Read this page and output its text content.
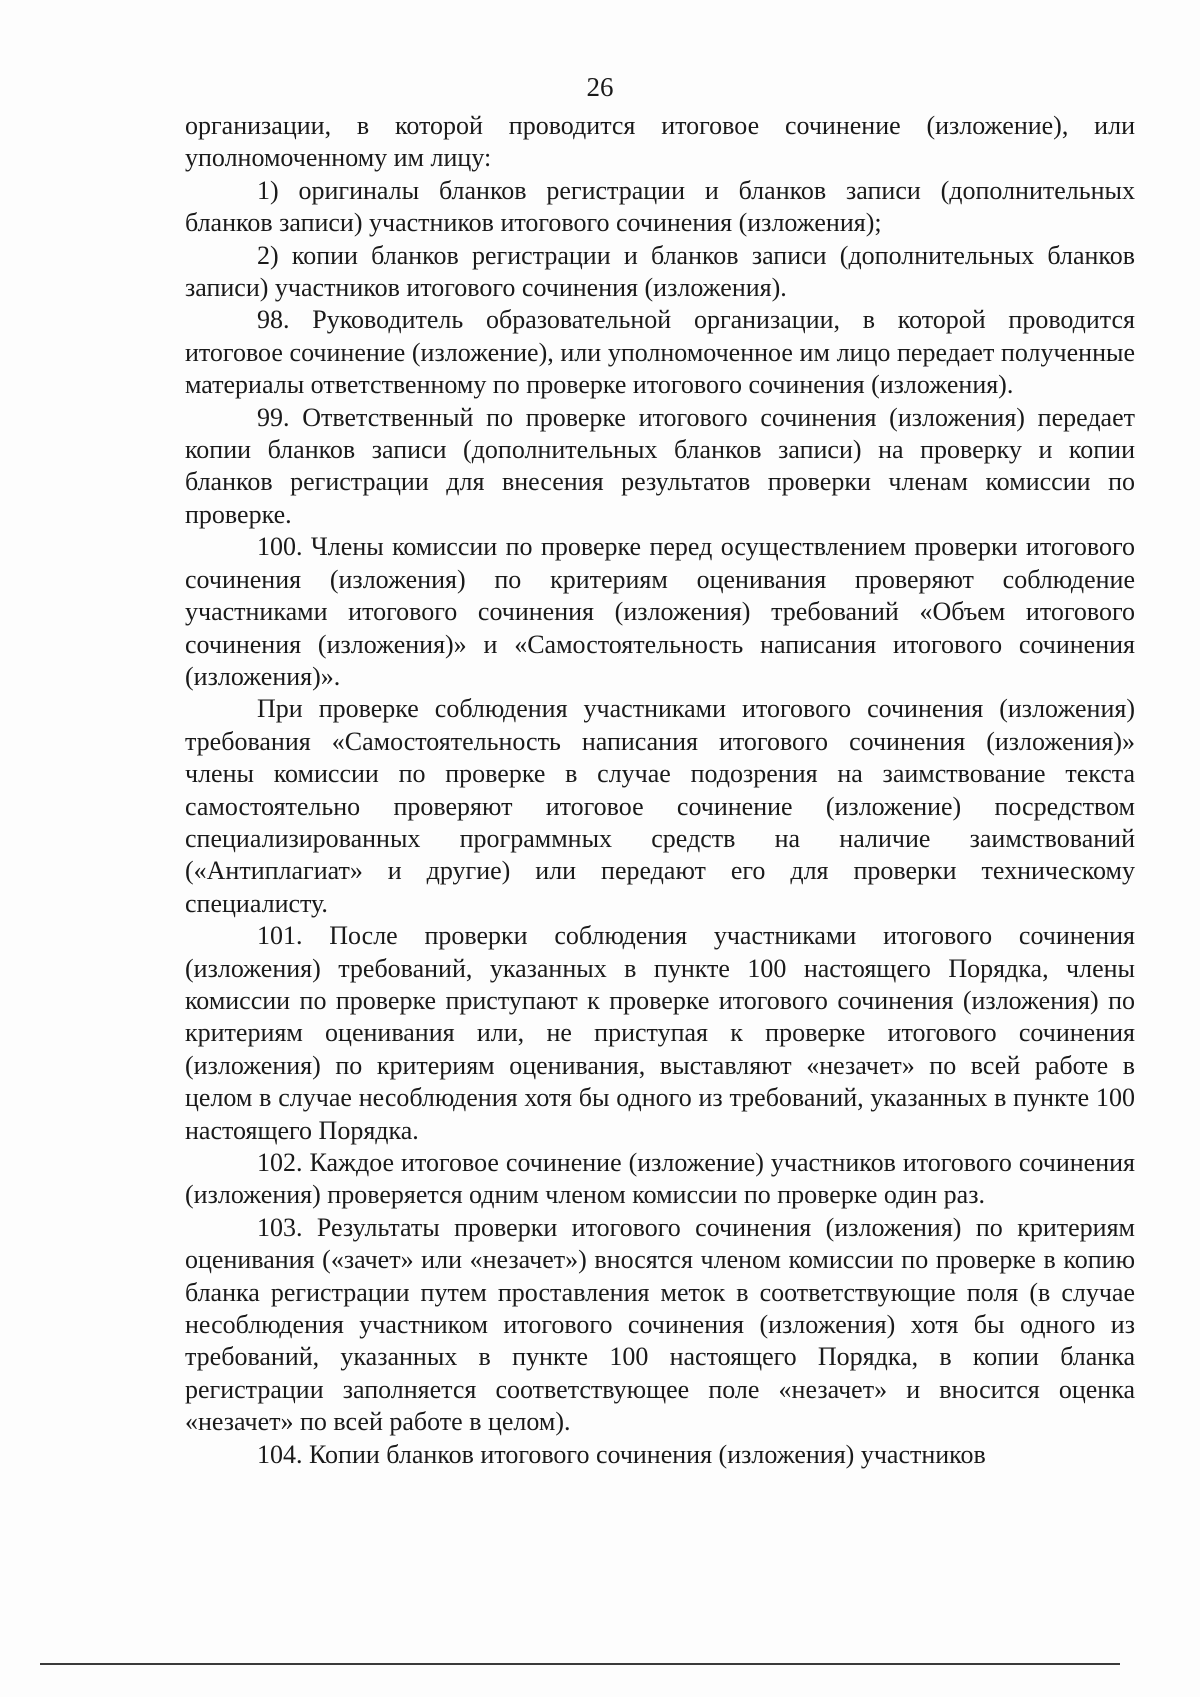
26

организации, в которой проводится итоговое сочинение (изложение), или уполномоченному им лицу:

1) оригиналы бланков регистрации и бланков записи (дополнительных бланков записи) участников итогового сочинения (изложения);

2) копии бланков регистрации и бланков записи (дополнительных бланков записи) участников итогового сочинения (изложения).

98. Руководитель образовательной организации, в которой проводится итоговое сочинение (изложение), или уполномоченное им лицо передает полученные материалы ответственному по проверке итогового сочинения (изложения).

99. Ответственный по проверке итогового сочинения (изложения) передает копии бланков записи (дополнительных бланков записи) на проверку и копии бланков регистрации для внесения результатов проверки членам комиссии по проверке.

100. Члены комиссии по проверке перед осуществлением проверки итогового сочинения (изложения) по критериям оценивания проверяют соблюдение участниками итогового сочинения (изложения) требований «Объем итогового сочинения (изложения)» и «Самостоятельность написания итогового сочинения (изложения)».

При проверке соблюдения участниками итогового сочинения (изложения) требования «Самостоятельность написания итогового сочинения (изложения)» члены комиссии по проверке в случае подозрения на заимствование текста самостоятельно проверяют итоговое сочинение (изложение) посредством специализированных программных средств на наличие заимствований («Антиплагиат» и другие) или передают его для проверки техническому специалисту.

101. После проверки соблюдения участниками итогового сочинения (изложения) требований, указанных в пункте 100 настоящего Порядка, члены комиссии по проверке приступают к проверке итогового сочинения (изложения) по критериям оценивания или, не приступая к проверке итогового сочинения (изложения) по критериям оценивания, выставляют «незачет» по всей работе в целом в случае несоблюдения хотя бы одного из требований, указанных в пункте 100 настоящего Порядка.

102. Каждое итоговое сочинение (изложение) участников итогового сочинения (изложения) проверяется одним членом комиссии по проверке один раз.

103. Результаты проверки итогового сочинения (изложения) по критериям оценивания («зачет» или «незачет») вносятся членом комиссии по проверке в копию бланка регистрации путем проставления меток в соответствующие поля (в случае несоблюдения участником итогового сочинения (изложения) хотя бы одного из требований, указанных в пункте 100 настоящего Порядка, в копии бланка регистрации заполняется соответствующее поле «незачет» и вносится оценка «незачет» по всей работе в целом).

104. Копии бланков итогового сочинения (изложения) участников
